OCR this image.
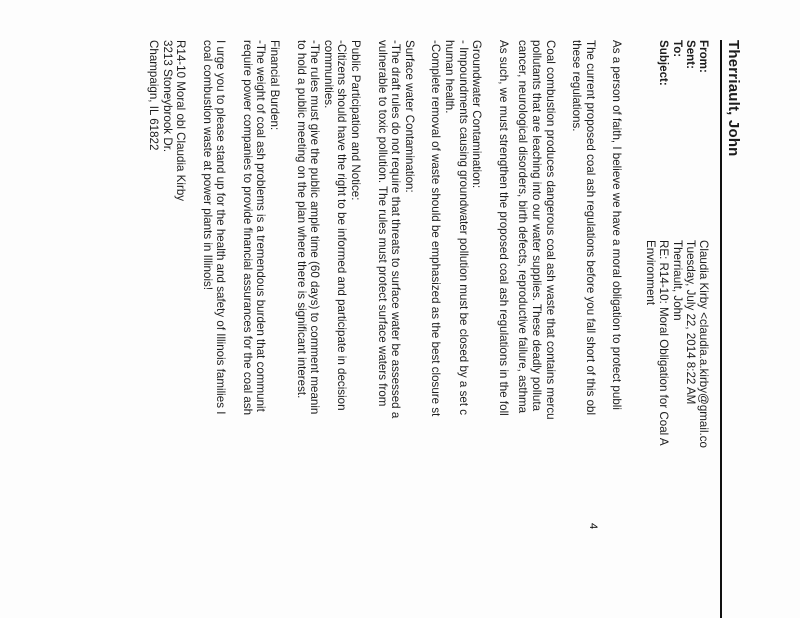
Therriault, John
From:
Claudia Kirby <claudia.a.kirby@gmail.co
Sent:
Tuesday, July 22, 2014 8:22 AM
To:
Therriault, John
Subject:
RE: R14-10: Moral Obligation for Coal A
Environment

As a person of faith, I believe we have a moral obligation to protect publi

The current proposed coal ash regulations before you fall short of this obl

these regulations.

Coal combustion produces dangerous coal ash waste that contains mercu

pollutants that are leaching into our water supplies. These deadly polluta

cancer, neurological disorders, birth defects, reproductive failure, asthma

As such, we must strengthen the proposed coal ash regulations in the foll

Groundwater Contamination:

- Impoundments causing groundwater pollution must be closed by a set c

human health.

-Complete removal of waste should be emphasized as the best closure st

Surface water Contamination:

-The draft rules do not require that threats to surface water be assessed a

vulnerable to toxic pollution. The rules must protect surface waters from

Public Participation and Notice:

-Citizens should have the right to be informed and participate in decision

communities.

-The rules must give the public ample time (60 days) to comment meanin

to hold a public meeting on the plan where there is significant interest.

Financial Burden:

-The weight of coal ash problems is a tremendous burden that communit

require power companies to provide financial assurances for the coal ash

I urge you to please stand up for the health and safety of Illinois families I

coal combustion waste at power plants in Illinois!

R14-10 Moral obl Claudia Kirby

3213 Stoneybrook Dr.

Champaign, IL 61822

4
